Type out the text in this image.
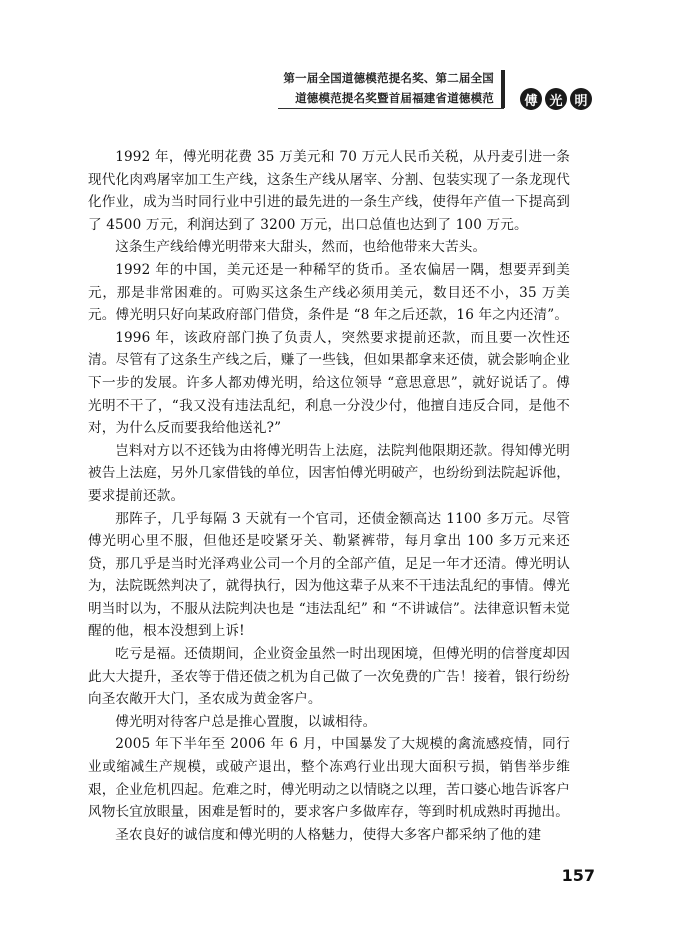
第一届全国道德模范提名奖、第二届全国
道德模范提名奖暨首届福建省道德模范	傅 光 明

1992 年，傅光明花费 35 万美元和 70 万元人民币关税，从丹麦引进一条现代化肉鸡屠宰加工生产线，这条生产线从屠宰、分割、包装实现了一条龙现代化作业，成为当时同行业中引进的最先进的一条生产线，使得年产值一下提高到了 4500 万元，利润达到了 3200 万元，出口总值也达到了 100 万元。

这条生产线给傅光明带来大甜头，然而，也给他带来大苦头。

1992 年的中国，美元还是一种稀罕的货币。圣农偏居一隅，想要弄到美元，那是非常困难的。可购买这条生产线必须用美元，数目还不小，35 万美元。傅光明只好向某政府部门借贷，条件是 “8 年之后还款，16 年之内还清”。

1996 年，该政府部门换了负责人，突然要求提前还款，而且要一次性还清。尽管有了这条生产线之后，赚了一些钱，但如果都拿来还债，就会影响企业下一步的发展。许多人都劝傅光明，给这位领导 “意思意思”，就好说话了。傅光明不干了，“我又没有违法乱纪，利息一分没少付，他擅自违反合同，是他不对，为什么反而要我给他送礼?”

岂料对方以不还钱为由将傅光明告上法庭，法院判他限期还款。得知傅光明被告上法庭，另外几家借钱的单位，因害怕傅光明破产，也纷纷到法院起诉他，要求提前还款。

那阵子，几乎每隔 3 天就有一个官司，还债金额高达 1100 多万元。尽管傅光明心里不服，但他还是咬紧牙关、勒紧裤带，每月拿出 100 多万元来还贷，那几乎是当时光泽鸡业公司一个月的全部产值，足足一年才还清。傅光明认为，法院既然判决了，就得执行，因为他这辈子从来不干违法乱纪的事情。傅光明当时以为，不服从法院判决也是 “违法乱纪” 和 “不讲诚信”。法律意识暂未觉醒的他，根本没想到上诉!

吃亏是福。还债期间，企业资金虽然一时出现困境，但傅光明的信誉度却因此大大提升，圣农等于借还债之机为自己做了一次免费的广告！接着，银行纷纷向圣农敞开大门，圣农成为黄金客户。

傅光明对待客户总是推心置腹，以诚相待。

2005 年下半年至 2006 年 6 月，中国暴发了大规模的禽流感疫情，同行业或缩减生产规模，或破产退出，整个冻鸡行业出现大面积亏损，销售举步维艰，企业危机四起。危难之时，傅光明动之以情晓之以理，苦口婆心地告诉客户风物长宜放眼量，困难是暂时的，要求客户多做库存，等到时机成熟时再抛出。

圣农良好的诚信度和傅光明的人格魅力，使得大多客户都采纳了他的建

157
